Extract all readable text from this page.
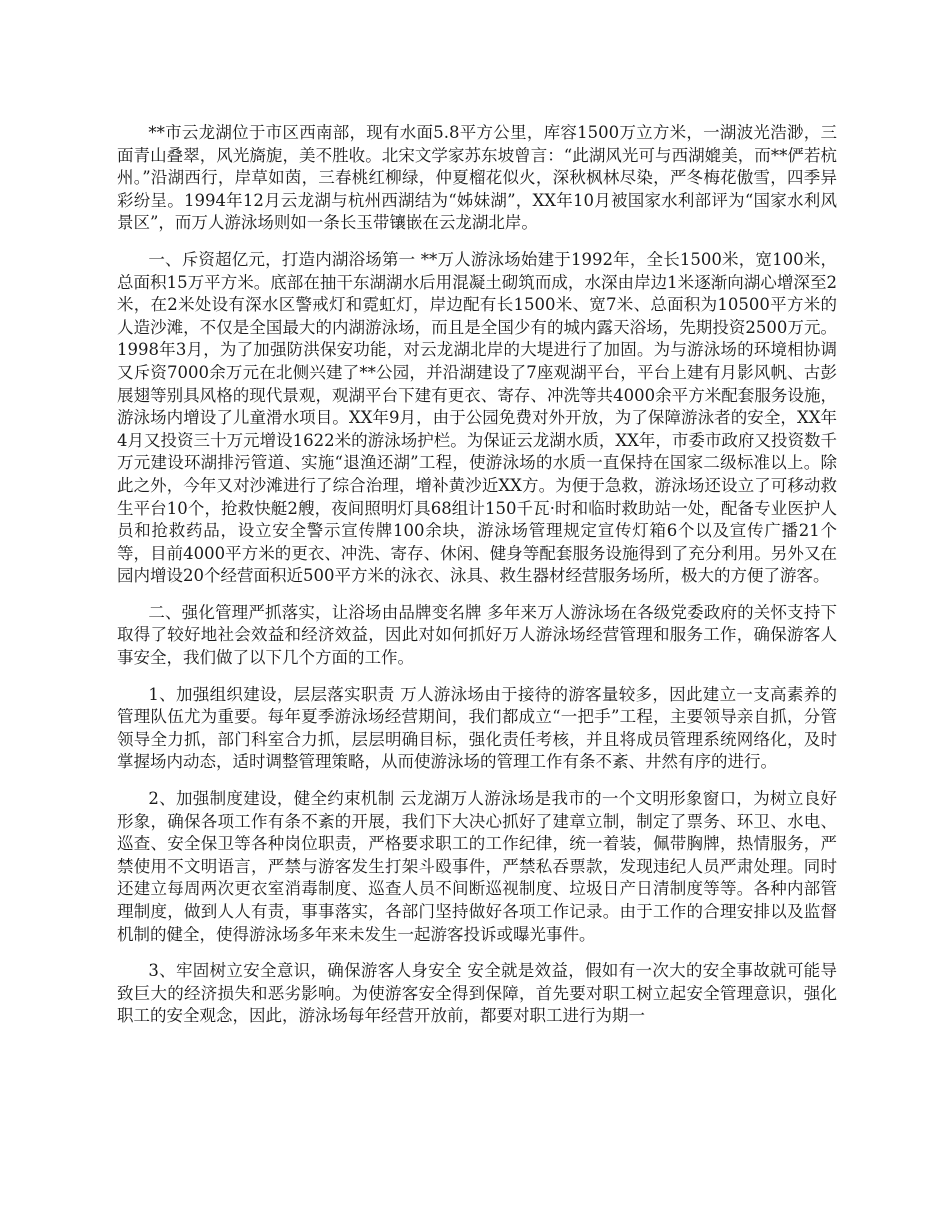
**市云龙湖位于市区西南部，现有水面5.8平方公里，库容1500万立方米，一湖波光浩渺，三面青山叠翠，风光旖旎，美不胜收。北宋文学家苏东坡曾言：“此湖风光可与西湖媲美，而**俨若杭州。”沿湖西行，岸草如茵，三春桃红柳绿，仲夏榴花似火，深秋枫林尽染，严冬梅花傲雪，四季异彩纷呈。1994年12月云龙湖与杭州西湖结为“姊妹湖”，XX年10月被国家水利部评为“国家水利风景区”，而万人游泳场则如一条长玉带镶嵌在云龙湖北岸。

一、斥资超亿元，打造内湖浴场第一 **万人游泳场始建于1992年，全长1500米，宽100米，总面积15万平方米。底部在抽干东湖湖水后用混凝土砌筑而成，水深由岸边1米逐渐向湖心增深至2米，在2米处设有深水区警戒灯和霓虹灯，岸边配有长1500米、宽7米、总面积为10500平方米的人造沙滩，不仅是全国最大的内湖游泳场，而且是全国少有的城内露天浴场，先期投资2500万元。1998年3月，为了加强防洪保安功能，对云龙湖北岸的大堤进行了加固。为与游泳场的环境相协调又斥资7000余万元在北侧兴建了**公园，并沿湖建设了7座观湖平台，平台上建有月影风帆、古彭展翅等别具风格的现代景观，观湖平台下建有更衣、寄存、冲洗等共4000余平方米配套服务设施，游泳场内增设了儿童滑水项目。XX年9月，由于公园免费对外开放，为了保障游泳者的安全，XX年4月又投资三十万元增设1622米的游泳场护栏。为保证云龙湖水质，XX年，市委市政府又投资数千万元建设环湖排污管道、实施“退渔还湖”工程，使游泳场的水质一直保持在国家二级标准以上。除此之外，今年又对沙滩进行了综合治理，增补黄沙近XX方。为便于急救，游泳场还设立了可移动救生平台10个，抢救快艇2艘，夜间照明灯具68组计150千瓦·时和临时救助站一处，配备专业医护人员和抢救药品，设立安全警示宣传牌100余块，游泳场管理规定宣传灯箱6个以及宣传广播21个等，目前4000平方米的更衣、冲洗、寄存、休闲、健身等配套服务设施得到了充分利用。另外又在园内增设20个经营面积近500平方米的泳衣、泳具、救生器材经营服务场所，极大的方便了游客。

二、强化管理严抓落实，让浴场由品牌变名牌 多年来万人游泳场在各级党委政府的关怀支持下取得了较好地社会效益和经济效益，因此对如何抓好万人游泳场经营管理和服务工作，确保游客人事安全，我们做了以下几个方面的工作。

1、加强组织建设，层层落实职责 万人游泳场由于接待的游客量较多，因此建立一支高素养的管理队伍尤为重要。每年夏季游泳场经营期间，我们都成立“一把手”工程，主要领导亲自抓，分管领导全力抓，部门科室合力抓，层层明确目标，强化责任考核，并且将成员管理系统网络化，及时掌握场内动态，适时调整管理策略，从而使游泳场的管理工作有条不紊、井然有序的进行。

2、加强制度建设，健全约束机制 云龙湖万人游泳场是我市的一个文明形象窗口，为树立良好形象，确保各项工作有条不紊的开展，我们下大决心抓好了建章立制，制定了票务、环卫、水电、巡查、安全保卫等各种岗位职责，严格要求职工的工作纪律，统一着装，佩带胸牌，热情服务，严禁使用不文明语言，严禁与游客发生打架斗殴事件，严禁私吞票款，发现违纪人员严肃处理。同时还建立每周两次更衣室消毒制度、巡查人员不间断巡视制度、垃圾日产日清制度等等。各种内部管理制度，做到人人有责，事事落实，各部门坚持做好各项工作记录。由于工作的合理安排以及监督机制的健全，使得游泳场多年来未发生一起游客投诉或曝光事件。

3、牢固树立安全意识，确保游客人身安全 安全就是效益，假如有一次大的安全事故就可能导致巨大的经济损失和恶劣影响。为使游客安全得到保障，首先要对职工树立起安全管理意识，强化职工的安全观念，因此，游泳场每年经营开放前，都要对职工进行为期一
